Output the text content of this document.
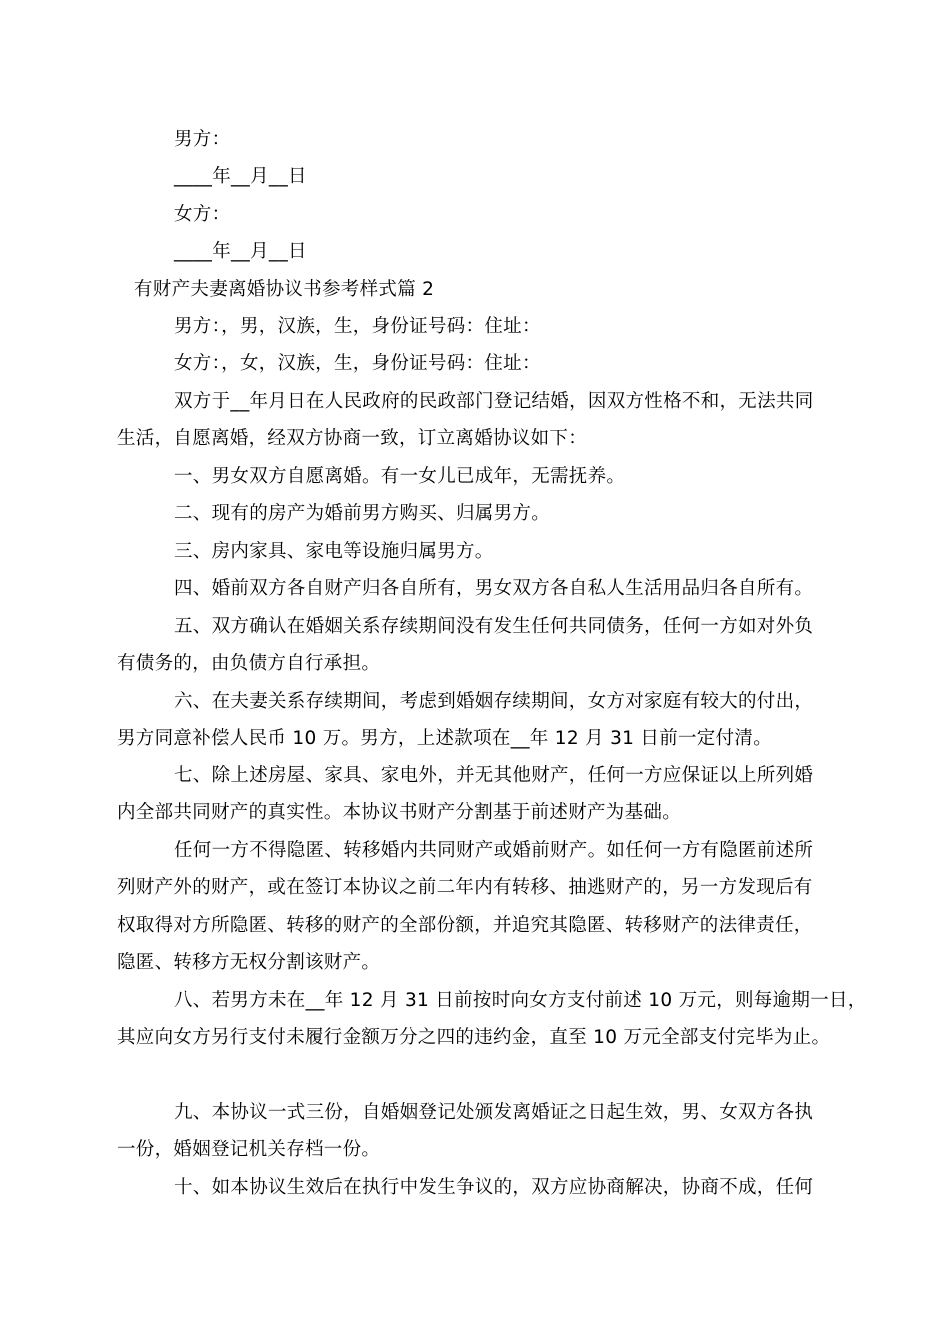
男方：
____年__月__日
女方：
____年__月__日
有财产夫妻离婚协议书参考样式篇 2
男方：，男，汉族，生，身份证号码：住址：
女方：，女，汉族，生，身份证号码：住址：
双方于__年月日在人民政府的民政部门登记结婚，因双方性格不和，无法共同
生活，自愿离婚，经双方协商一致，订立离婚协议如下：
一、男女双方自愿离婚。有一女儿已成年，无需抚养。
二、现有的房产为婚前男方购买、归属男方。
三、房内家具、家电等设施归属男方。
四、婚前双方各自财产归各自所有，男女双方各自私人生活用品归各自所有。
五、双方确认在婚姻关系存续期间没有发生任何共同债务，任何一方如对外负
有债务的，由负债方自行承担。
六、在夫妻关系存续期间，考虑到婚姻存续期间，女方对家庭有较大的付出，
男方同意补偿人民币 10 万。男方，上述款项在__年 12 月 31 日前一定付清。
七、除上述房屋、家具、家电外，并无其他财产，任何一方应保证以上所列婚
内全部共同财产的真实性。本协议书财产分割基于前述财产为基础。
任何一方不得隐匿、转移婚内共同财产或婚前财产。如任何一方有隐匿前述所
列财产外的财产，或在签订本协议之前二年内有转移、抽逃财产的，另一方发现后有
权取得对方所隐匿、转移的财产的全部份额，并追究其隐匿、转移财产的法律责任，
隐匿、转移方无权分割该财产。
八、若男方未在__年 12 月 31 日前按时向女方支付前述 10 万元，则每逾期一日，
其应向女方另行支付未履行金额万分之四的违约金，直至 10 万元全部支付完毕为止。
九、本协议一式三份，自婚姻登记处颁发离婚证之日起生效，男、女双方各执
一份，婚姻登记机关存档一份。
十、如本协议生效后在执行中发生争议的，双方应协商解决，协商不成，任何
